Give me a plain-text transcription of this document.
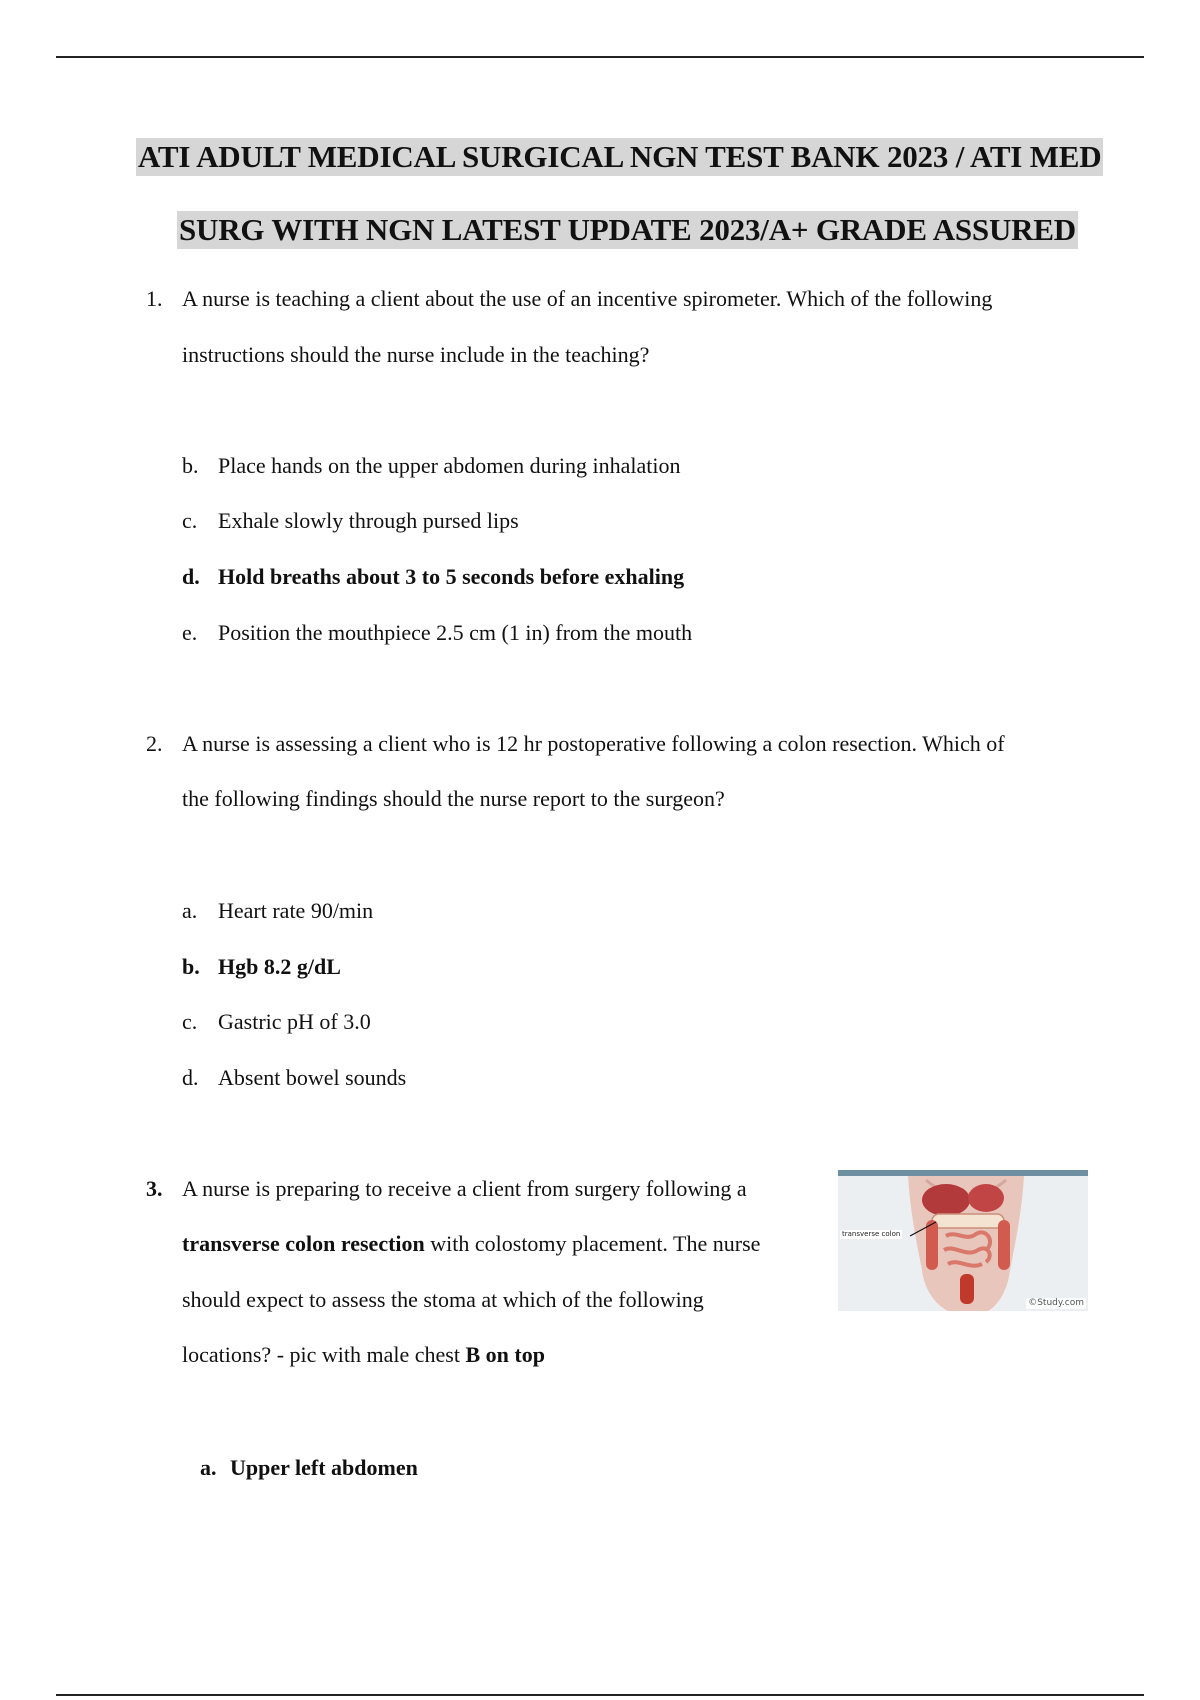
ATI ADULT MEDICAL SURGICAL NGN TEST BANK 2023 / ATI MED
SURG WITH NGN LATEST UPDATE 2023/A+ GRADE ASSURED
1. A nurse is teaching a client about the use of an incentive spirometer. Which of the following
instructions should the nurse include in the teaching?
b. Place hands on the upper abdomen during inhalation
c. Exhale slowly through pursed lips
d. Hold breaths about 3 to 5 seconds before exhaling
e. Position the mouthpiece 2.5 cm (1 in) from the mouth
2. A nurse is assessing a client who is 12 hr postoperative following a colon resection. Which of
the following findings should the nurse report to the surgeon?
a. Heart rate 90/min
b. Hgb 8.2 g/dL
c. Gastric pH of 3.0
d. Absent bowel sounds
3. A nurse is preparing to receive a client from surgery following a
transverse colon resection with colostomy placement. The nurse
should expect to assess the stoma at which of the following
locations? - pic with male chest B on top
a. Upper left abdomen
transverse colon
©Study.com
